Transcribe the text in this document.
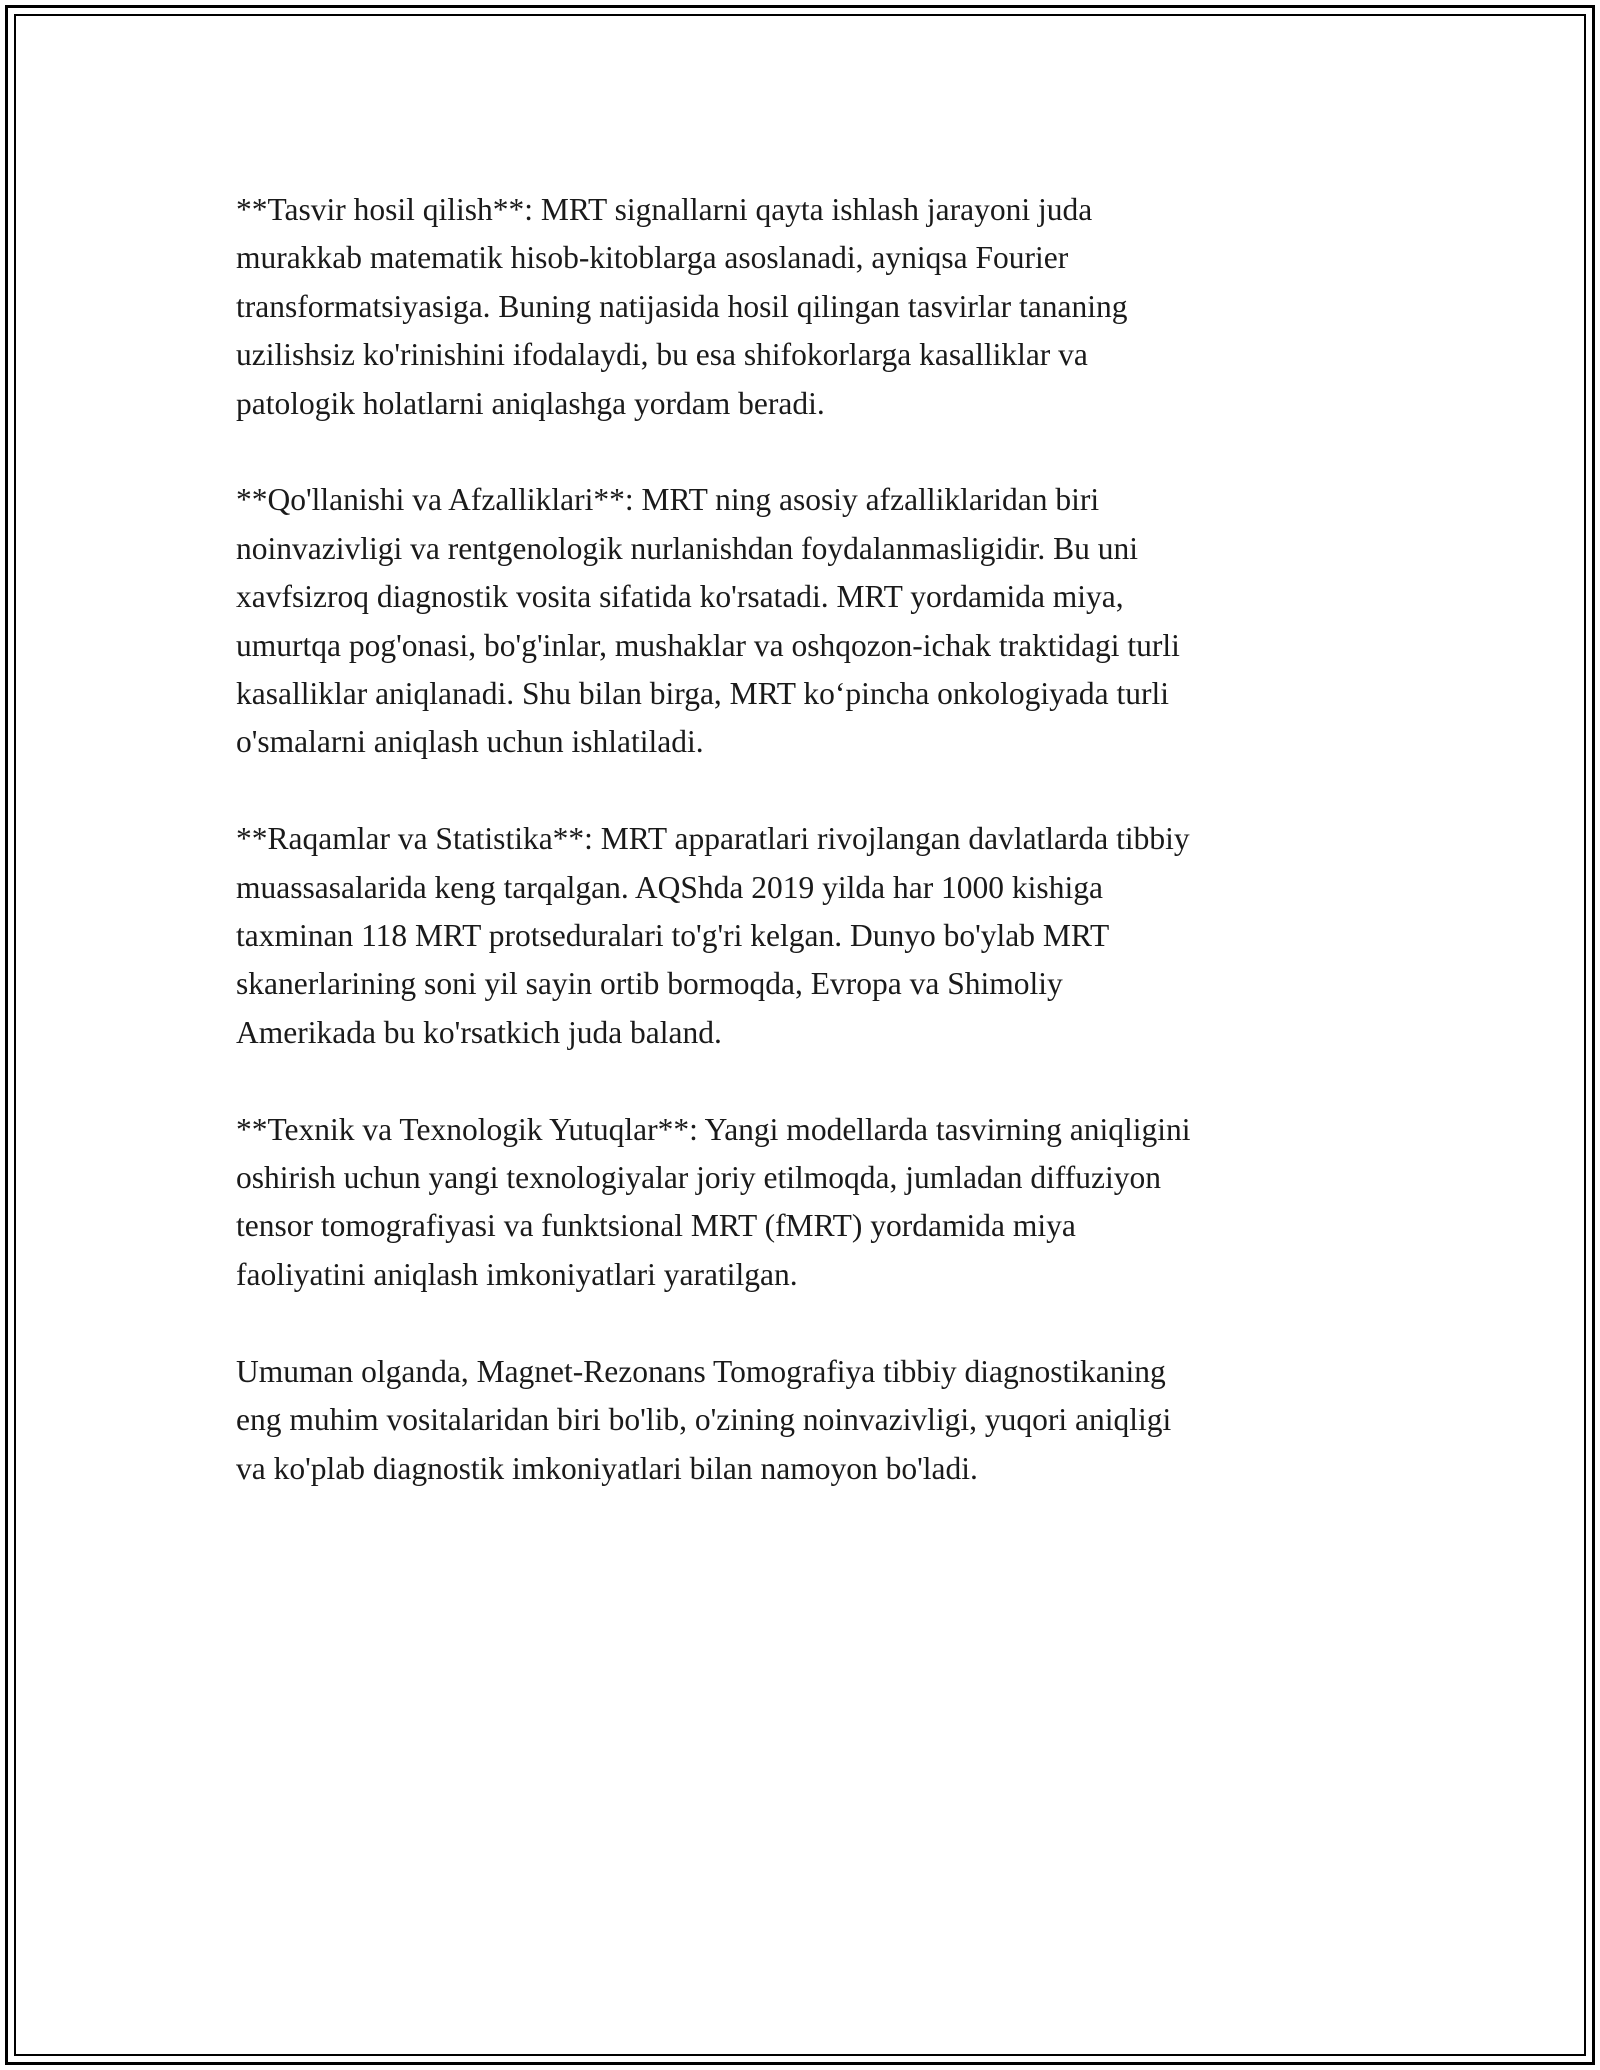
**Tasvir hosil qilish**: MRT signallarni qayta ishlash jarayoni juda
murakkab matematik hisob-kitoblarga asoslanadi, ayniqsa Fourier
transformatsiyasiga. Buning natijasida hosil qilingan tasvirlar tananing
uzilishsiz ko'rinishini ifodalaydi, bu esa shifokorlarga kasalliklar va
patologik holatlarni aniqlashga yordam beradi.

**Qo'llanishi va Afzalliklari**: MRT ning asosiy afzalliklaridan biri
noinvazivligi va rentgenologik nurlanishdan foydalanmasligidir. Bu uni
xavfsizroq diagnostik vosita sifatida ko'rsatadi. MRT yordamida miya,
umurtqa pog'onasi, bo'g'inlar, mushaklar va oshqozon-ichak traktidagi turli
kasalliklar aniqlanadi. Shu bilan birga, MRT ko‘pincha onkologiyada turli
o'smalarni aniqlash uchun ishlatiladi.

**Raqamlar va Statistika**: MRT apparatlari rivojlangan davlatlarda tibbiy
muassasalarida keng tarqalgan. AQShda 2019 yilda har 1000 kishiga
taxminan 118 MRT protseduralari to'g'ri kelgan. Dunyo bo'ylab MRT
skanerlarining soni yil sayin ortib bormoqda, Evropa va Shimoliy
Amerikada bu ko'rsatkich juda baland.

**Texnik va Texnologik Yutuqlar**: Yangi modellarda tasvirning aniqligini
oshirish uchun yangi texnologiyalar joriy etilmoqda, jumladan diffuziyon
tensor tomografiyasi va funktsional MRT (fMRT) yordamida miya
faoliyatini aniqlash imkoniyatlari yaratilgan.

Umuman olganda, Magnet-Rezonans Tomografiya tibbiy diagnostikaning
eng muhim vositalaridan biri bo'lib, o'zining noinvazivligi, yuqori aniqligi
va ko'plab diagnostik imkoniyatlari bilan namoyon bo'ladi.
